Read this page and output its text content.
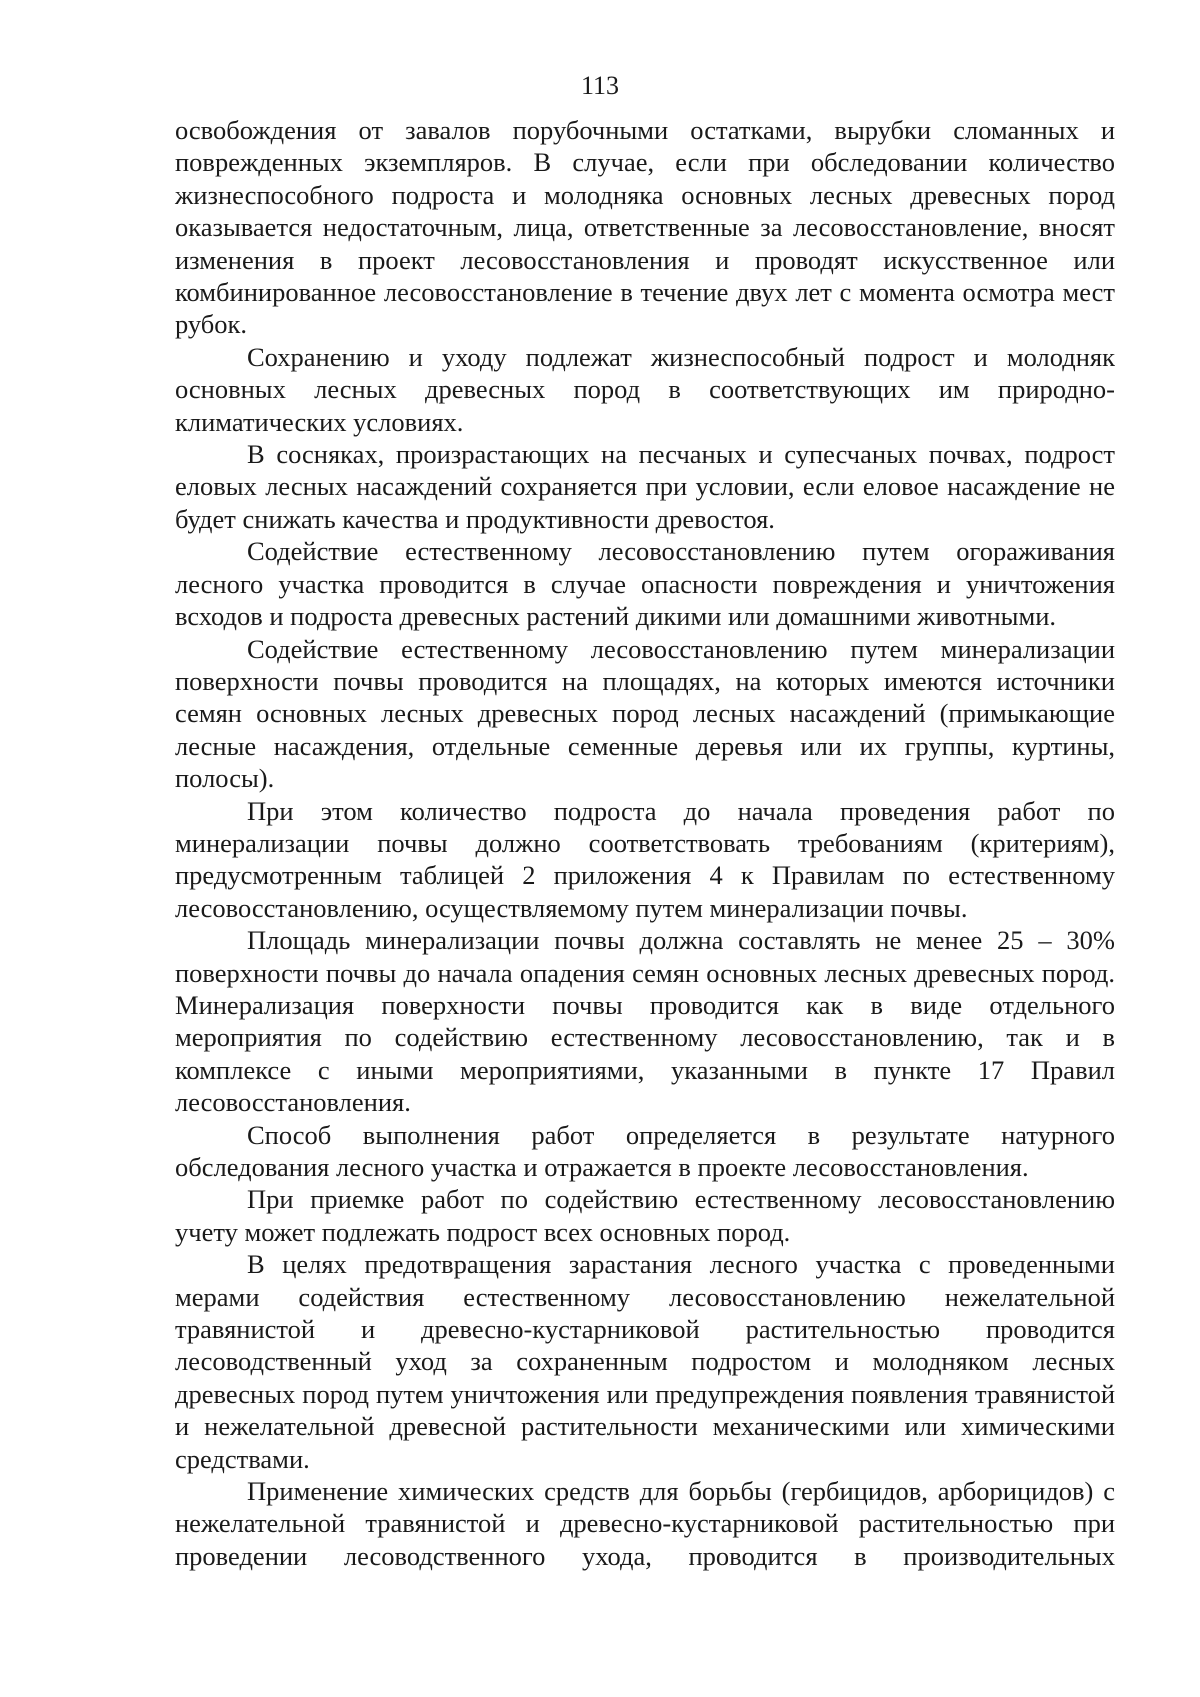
113

освобождения от завалов порубочными остатками, вырубки сломанных и поврежденных экземпляров. В случае, если при обследовании количество жизнеспособного подроста и молодняка основных лесных древесных пород оказывается недостаточным, лица, ответственные за лесовосстановление, вносят изменения в проект лесовосстановления и проводят искусственное или комбинированное лесовосстановление в течение двух лет с момента осмотра мест рубок.

Сохранению и уходу подлежат жизнеспособный подрост и молодняк основных лесных древесных пород в соответствующих им природно-климатических условиях.

В сосняках, произрастающих на песчаных и супесчаных почвах, подрост еловых лесных насаждений сохраняется при условии, если еловое насаждение не будет снижать качества и продуктивности древостоя.

Содействие естественному лесовосстановлению путем огораживания лесного участка проводится в случае опасности повреждения и уничтожения всходов и подроста древесных растений дикими или домашними животными.

Содействие естественному лесовосстановлению путем минерализации поверхности почвы проводится на площадях, на которых имеются источники семян основных лесных древесных пород лесных насаждений (примыкающие лесные насаждения, отдельные семенные деревья или их группы, куртины, полосы).

При этом количество подроста до начала проведения работ по минерализации почвы должно соответствовать требованиям (критериям), предусмотренным таблицей 2 приложения 4 к Правилам по естественному лесовосстановлению, осуществляемому путем минерализации почвы.

Площадь минерализации почвы должна составлять не менее 25 – 30% поверхности почвы до начала опадения семян основных лесных древесных пород. Минерализация поверхности почвы проводится как в виде отдельного мероприятия по содействию естественному лесовосстановлению, так и в комплексе с иными мероприятиями, указанными в пункте 17 Правил лесовосстановления.

Способ выполнения работ определяется в результате натурного обследования лесного участка и отражается в проекте лесовосстановления.

При приемке работ по содействию естественному лесовосстановлению учету может подлежать подрост всех основных пород.

В целях предотвращения зарастания лесного участка с проведенными мерами содействия естественному лесовосстановлению нежелательной травянистой и древесно-кустарниковой растительностью проводится лесоводственный уход за сохраненным подростом и молодняком лесных древесных пород путем уничтожения или предупреждения появления травянистой и нежелательной древесной растительности механическими или химическими средствами.

Применение химических средств для борьбы (гербицидов, арборицидов) с нежелательной травянистой и древесно-кустарниковой растительностью при проведении лесоводственного ухода, проводится в производительных
